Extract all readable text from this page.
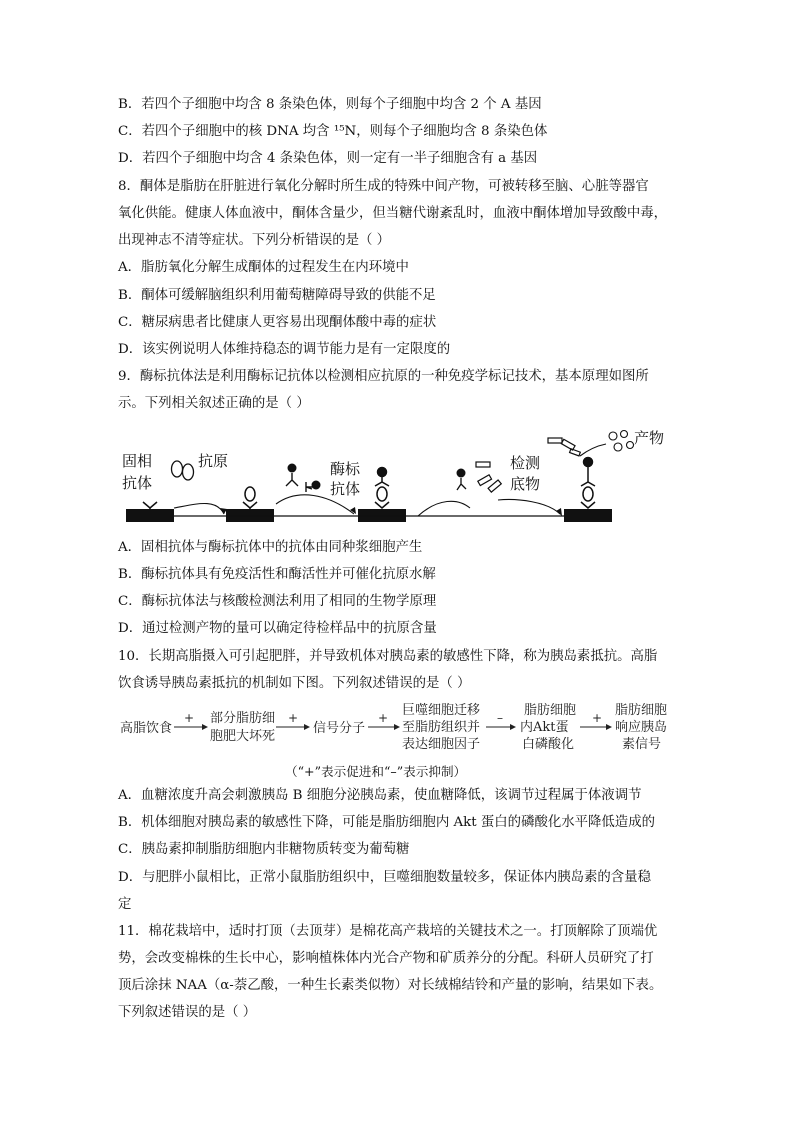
B．若四个子细胞中均含 8 条染色体，则每个子细胞中均含 2 个 A 基因
C．若四个子细胞中的核 DNA 均含 ¹⁵N，则每个子细胞均含 8 条染色体
D．若四个子细胞中均含 4 条染色体，则一定有一半子细胞含有 a 基因
8．酮体是脂肪在肝脏进行氧化分解时所生成的特殊中间产物，可被转移至脑、心脏等器官
氧化供能。健康人体血液中，酮体含量少，但当糖代谢紊乱时，血液中酮体增加导致酸中毒，
出现神志不清等症状。下列分析错误的是（ ）
A．脂肪氧化分解生成酮体的过程发生在内环境中
B．酮体可缓解脑组织利用葡萄糖障碍导致的供能不足
C．糖尿病患者比健康人更容易出现酮体酸中毒的症状
D．该实例说明人体维持稳态的调节能力是有一定限度的
9．酶标抗体法是利用酶标记抗体以检测相应抗原的一种免疫学标记技术，基本原理如图所
示。下列相关叙述正确的是（ ）
固相
抗体
抗原	酶标
抗体
检测
底物
产物
A．固相抗体与酶标抗体中的抗体由同种浆细胞产生
B．酶标抗体具有免疫活性和酶活性并可催化抗原水解
C．酶标抗体法与核酸检测法利用了相同的生物学原理
D．通过检测产物的量可以确定待检样品中的抗原含量
10．长期高脂摄入可引起肥胖，并导致机体对胰岛素的敏感性下降，称为胰岛素抵抗。高脂
饮食诱导胰岛素抵抗的机制如下图。下列叙述错误的是（ ）
高脂饮食
+ 部分脂肪细
胞肥大坏死
+
信号分子
+ 巨噬细胞迁移
至脂肪组织并
表达细胞因子
– 脂肪细胞
内Akt蛋
白磷酸化
+ 脂肪细胞
响应胰岛
素信号
（“+”表示促进和“–”表示抑制）
A．血糖浓度升高会刺激胰岛 B 细胞分泌胰岛素，使血糖降低，该调节过程属于体液调节
B．机体细胞对胰岛素的敏感性下降，可能是脂肪细胞内 Akt 蛋白的磷酸化水平降低造成的
C．胰岛素抑制脂肪细胞内非糖物质转变为葡萄糖
D．与肥胖小鼠相比，正常小鼠脂肪组织中，巨噬细胞数量较多，保证体内胰岛素的含量稳
定
11．棉花栽培中，适时打顶（去顶芽）是棉花高产栽培的关键技术之一。打顶解除了顶端优
势，会改变棉株的生长中心，影响植株体内光合产物和矿质养分的分配。科研人员研究了打
顶后涂抹 NAA（α-萘乙酸，一种生长素类似物）对长绒棉结铃和产量的影响，结果如下表。
下列叙述错误的是（ ）
